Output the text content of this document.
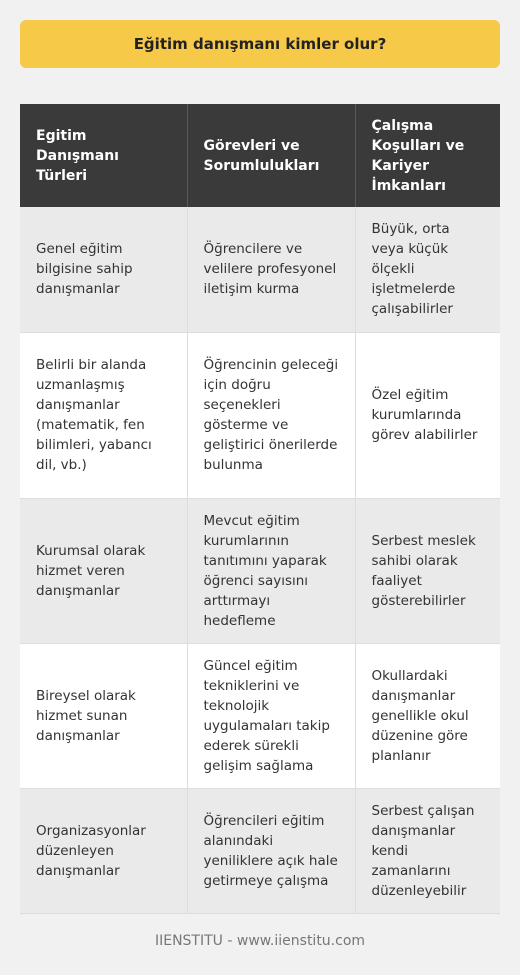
Eğitim danışmanı kimler olur?
Egitim Danışmanı Türleri	Görevleri ve Sorumlulukları	Çalışma Koşulları ve Kariyer İmkanları
Genel eğitim bilgisine sahip danışmanlar	Öğrencilere ve velilere profesyonel iletişim kurma	Büyük, orta veya küçük ölçekli işletmelerde çalışabilirler
Belirli bir alanda uzmanlaşmış danışmanlar (matematik, fen bilimleri, yabancı dil, vb.)	Öğrencinin geleceği için doğru seçenekleri gösterme ve geliştirici önerilerde bulunma	Özel eğitim kurumlarında görev alabilirler
Kurumsal olarak hizmet veren danışmanlar	Mevcut eğitim kurumlarının tanıtımını yaparak öğrenci sayısını arttırmayı hedefleme	Serbest meslek sahibi olarak faaliyet gösterebilirler
Bireysel olarak hizmet sunan danışmanlar	Güncel eğitim tekniklerini ve teknolojik uygulamaları takip ederek sürekli gelişim sağlama	Okullardaki danışmanlar genellikle okul düzenine göre planlanır
Organizasyonlar düzenleyen danışmanlar	Öğrencileri eğitim alanındaki yeniliklere açık hale getirmeye çalışma	Serbest çalışan danışmanlar kendi zamanlarını düzenleyebilir
IIENSTITU - www.iienstitu.com
